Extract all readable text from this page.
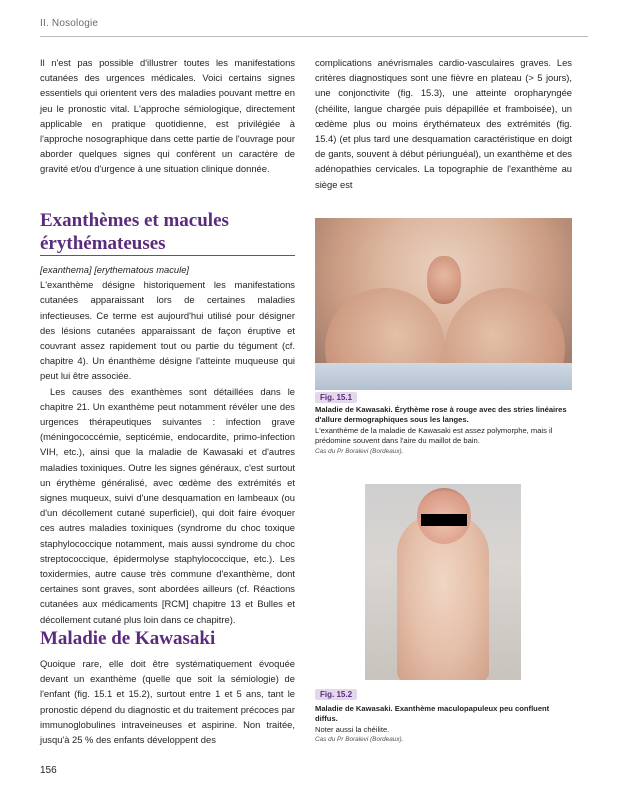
II. Nosologie

Il n'est pas possible d'illustrer toutes les manifestations cutanées des urgences médicales. Voici certains signes essentiels qui orientent vers des maladies pouvant mettre en jeu le pronostic vital. L'approche sémiologique, directement applicable en pratique quotidienne, est privilégiée à l'approche nosographique dans cette partie de l'ouvrage pour aborder quelques signes qui confèrent un caractère de gravité et/ou d'urgence à une situation clinique donnée.

Exanthèmes et macules érythémateuses

[exanthema] [erythematous macule]

L'exanthème désigne historiquement les manifestations cutanées apparaissant lors de certaines maladies infectieuses. Ce terme est aujourd'hui utilisé pour désigner des lésions cutanées apparaissant de façon éruptive et couvrant assez rapidement tout ou partie du tégument (cf. chapitre 4). Un énanthème désigne l'atteinte muqueuse qui peut lui être associée.

Les causes des exanthèmes sont détaillées dans le chapitre 21. Un exanthème peut notamment révéler une des urgences thérapeutiques suivantes : infection grave (méningococcémie, septicémie, endocardite, primo-infection VIH, etc.), ainsi que la maladie de Kawasaki et d'autres maladies toxiniques. Outre les signes généraux, c'est surtout un érythème généralisé, avec œdème des extrémités et signes muqueux, suivi d'une desquamation en lambeaux (ou d'un décollement cutané superficiel), qui doit faire évoquer ces autres maladies toxiniques (syndrome du choc toxique staphylococcique notamment, mais aussi syndrome du choc streptococcique, épidermolyse staphylococcique, etc.). Les toxidermies, autre cause très commune d'exanthème, dont certaines sont graves, sont abordées ailleurs (cf. Réactions cutanées aux médicaments [RCM] chapitre 13 et Bulles et décollement cutané plus loin dans ce chapitre).

Maladie de Kawasaki

Quoique rare, elle doit être systématiquement évoquée devant un exanthème (quelle que soit la sémiologie) de l'enfant (fig. 15.1 et 15.2), surtout entre 1 et 5 ans, tant le pronostic dépend du diagnostic et du traitement précoces par immunoglobulines intraveineuses et aspirine. Non traitée, jusqu'à 25 % des enfants développent des

complications anévrismales cardio-vasculaires graves. Les critères diagnostiques sont une fièvre en plateau (> 5 jours), une conjonctivite (fig. 15.3), une atteinte oropharyngée (chéilite, langue chargée puis dépapillée et framboisée), un œdème plus ou moins érythémateux des extrémités (fig. 15.4) (et plus tard une desquamation caractéristique en doigt de gants, souvent à début périunguéal), un exanthème et des adénopathies cervicales. La topographie de l'exanthème au siège est

Fig. 15.1
Maladie de Kawasaki. Érythème rose à rouge avec des stries linéaires d'allure dermographiques sous les langes.
L'exanthème de la maladie de Kawasaki est assez polymorphe, mais il prédomine souvent dans l'aire du maillot de bain.
Cas du Pr Boralevi (Bordeaux).
Fig. 15.2
Maladie de Kawasaki. Exanthème maculopapuleux peu confluent diffus.
Noter aussi la chéilite.
Cas du Pr Boralevi (Bordeaux).
156
